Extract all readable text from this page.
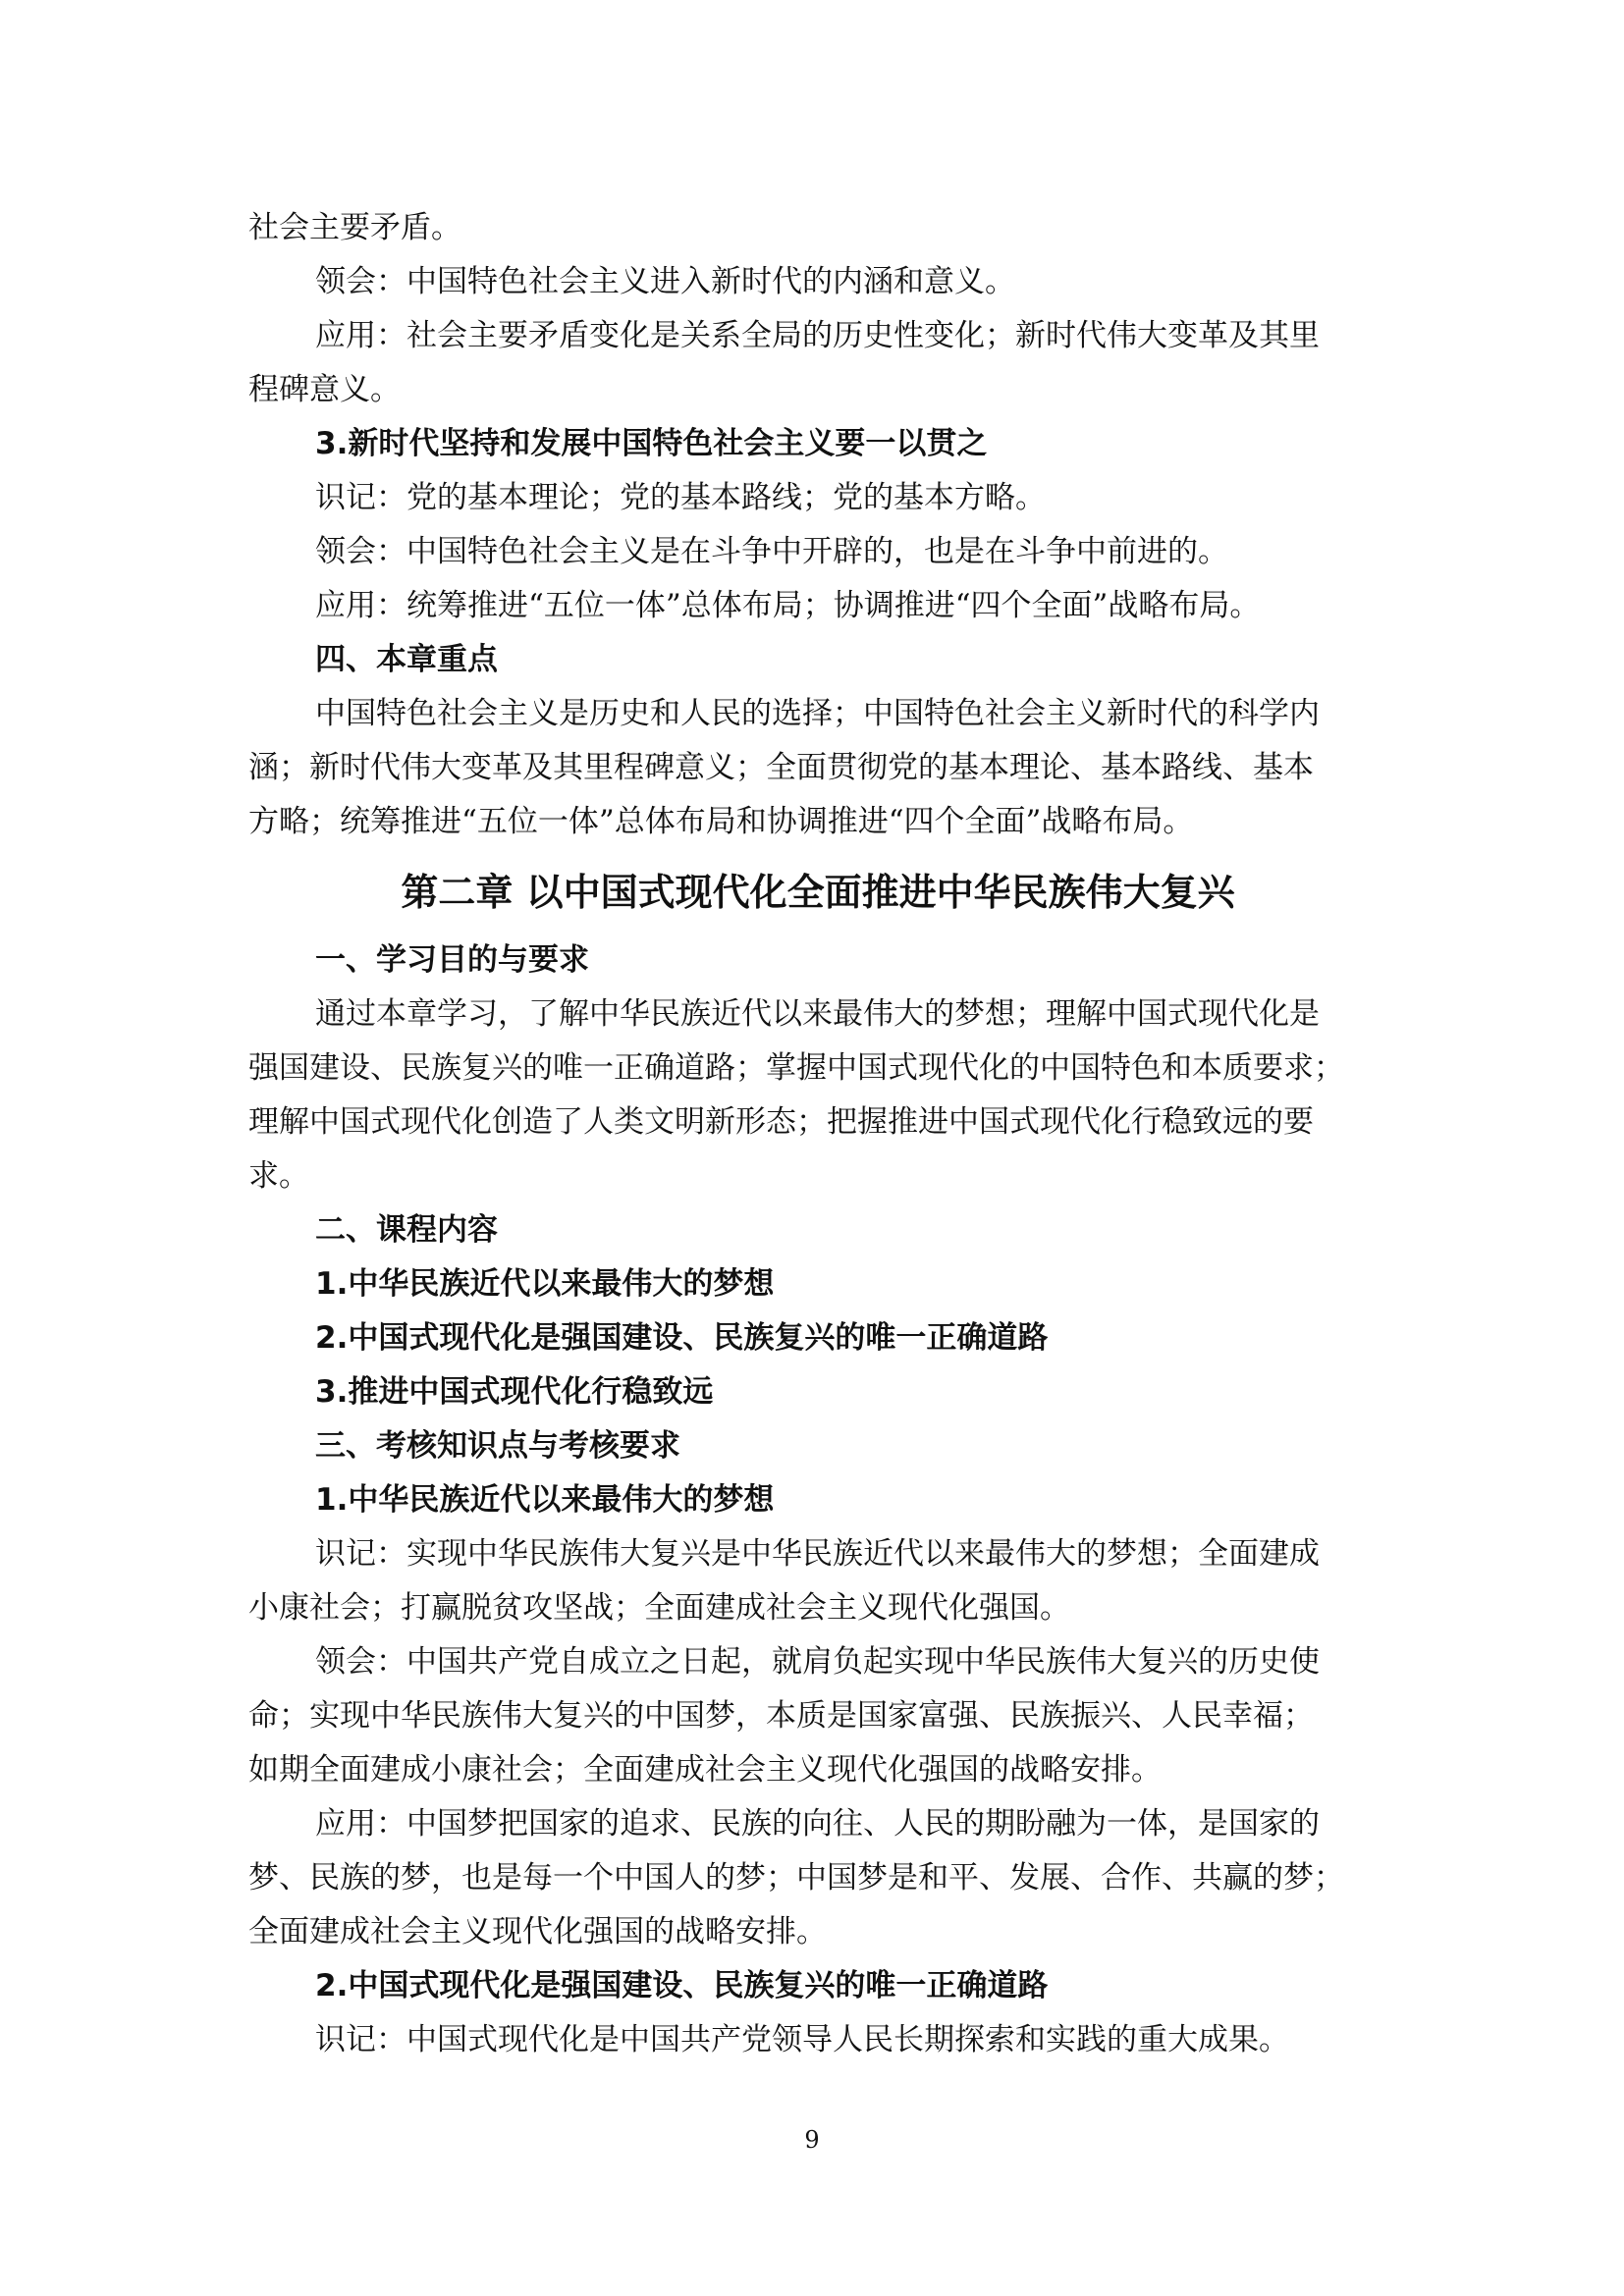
社会主要矛盾。
领会：中国特色社会主义进入新时代的内涵和意义。
应用：社会主要矛盾变化是关系全局的历史性变化；新时代伟大变革及其里
程碑意义。
3.新时代坚持和发展中国特色社会主义要一以贯之
识记：党的基本理论；党的基本路线；党的基本方略。
领会：中国特色社会主义是在斗争中开辟的，也是在斗争中前进的。
应用：统筹推进“五位一体”总体布局；协调推进“四个全面”战略布局。
四、本章重点
中国特色社会主义是历史和人民的选择；中国特色社会主义新时代的科学内
涵；新时代伟大变革及其里程碑意义；全面贯彻党的基本理论、基本路线、基本
方略；统筹推进“五位一体”总体布局和协调推进“四个全面”战略布局。
第二章 以中国式现代化全面推进中华民族伟大复兴
一、学习目的与要求
通过本章学习，了解中华民族近代以来最伟大的梦想；理解中国式现代化是
强国建设、民族复兴的唯一正确道路；掌握中国式现代化的中国特色和本质要求；
理解中国式现代化创造了人类文明新形态；把握推进中国式现代化行稳致远的要
求。
二、课程内容
1.中华民族近代以来最伟大的梦想
2.中国式现代化是强国建设、民族复兴的唯一正确道路
3.推进中国式现代化行稳致远
三、考核知识点与考核要求
1.中华民族近代以来最伟大的梦想
识记：实现中华民族伟大复兴是中华民族近代以来最伟大的梦想；全面建成
小康社会；打赢脱贫攻坚战；全面建成社会主义现代化强国。
领会：中国共产党自成立之日起，就肩负起实现中华民族伟大复兴的历史使
命；实现中华民族伟大复兴的中国梦，本质是国家富强、民族振兴、人民幸福；
如期全面建成小康社会；全面建成社会主义现代化强国的战略安排。
应用：中国梦把国家的追求、民族的向往、人民的期盼融为一体，是国家的
梦、民族的梦，也是每一个中国人的梦；中国梦是和平、发展、合作、共赢的梦；
全面建成社会主义现代化强国的战略安排。
2.中国式现代化是强国建设、民族复兴的唯一正确道路
识记：中国式现代化是中国共产党领导人民长期探索和实践的重大成果。
9
